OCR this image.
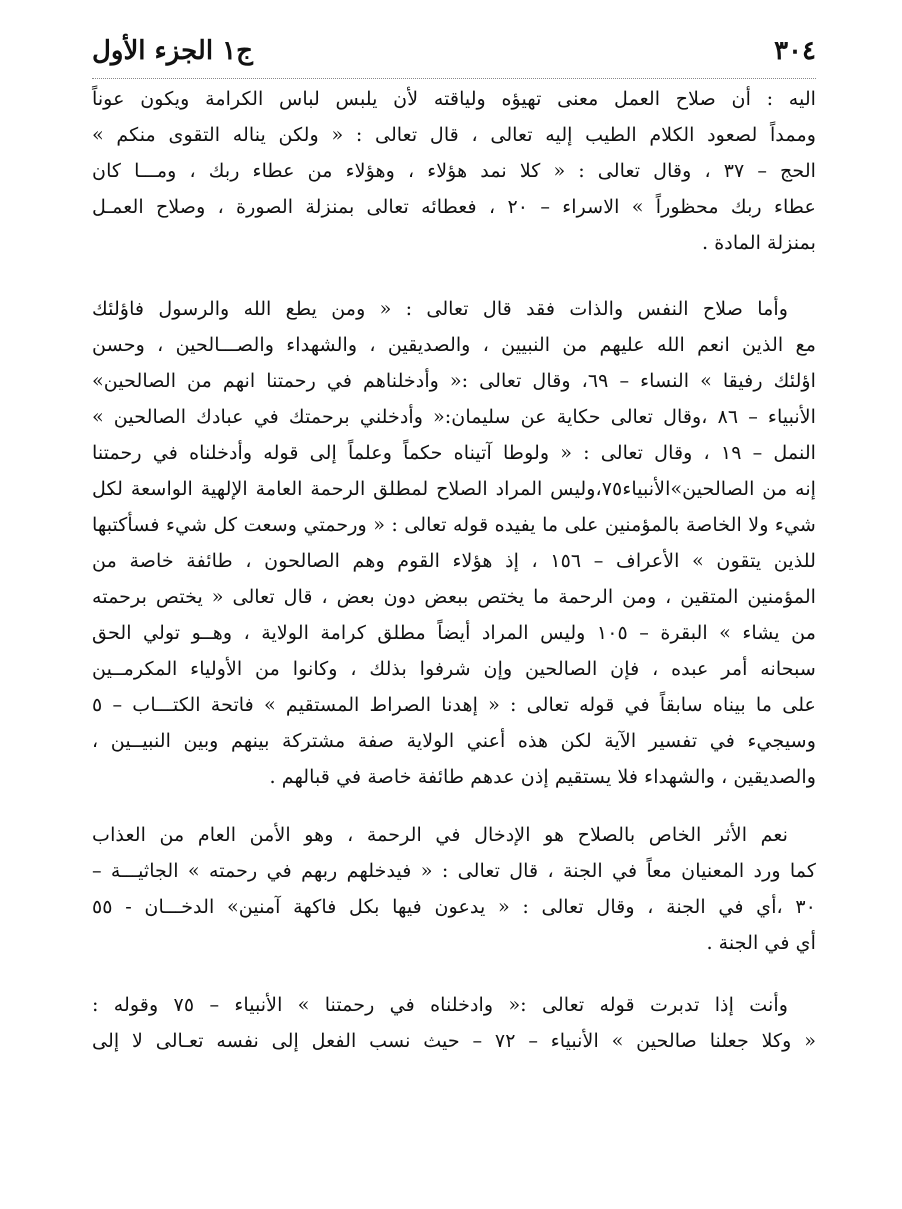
٣٠٤
ج١ الجزء الأول
اليه : أن صلاح العمل معنى تهيؤه ولياقته لأن يلبس لباس الكرامة ويكون عوناً
وممداً لصعود الكلام الطيب إليه تعالى ، قال تعالى : « ولكن يناله التقوى منكم »
الحج – ٣٧ ، وقال تعالى : « كلا نمد هؤلاء ، وهؤلاء من عطاء ربك ، ومـــا كان
عطاء ربك محظوراً » الاسراء – ٢٠ ، فعطائه تعالى بمنزلة الصورة ، وصلاح العمـل
بمنزلة المادة .
وأما صلاح النفس والذات فقد قال تعالى : « ومن يطع الله والرسول فاؤلئك
مع الذين انعم الله عليهم من النبيين ، والصديقين ، والشهداء والصـــالحين ، وحسن
اؤلئك رفيقا » النساء – ٦٩، وقال تعالى :« وأدخلناهم في رحمتنا انهم من الصالحين»
الأنبياء – ٨٦ ،وقال تعالى حكاية عن سليمان:« وأدخلني برحمتك في عبادك الصالحين »
النمل – ١٩ ، وقال تعالى : « ولوطا آتيناه حكماً وعلماً إلى قوله وأدخلناه في رحمتنا
إنه من الصالحين»الأنبياء٧٥،وليس المراد الصلاح لمطلق الرحمة العامة الإلهية الواسعة لكل
شيء ولا الخاصة بالمؤمنين على ما يفيده قوله تعالى : « ورحمتي وسعت كل شيء فسأكتبها
للذين يتقون » الأعراف – ١٥٦ ، إذ هؤلاء القوم وهم الصالحون ، طائفة خاصة من
المؤمنين المتقين ، ومن الرحمة ما يختص ببعض دون بعض ، قال تعالى « يختص برحمته
من يشاء » البقرة – ١٠٥ وليس المراد أيضاً مطلق كرامة الولاية ، وهــو تولي الحق
سبحانه أمر عبده ، فإن الصالحين وإن شرفوا بذلك ، وكانوا من الأولياء المكرمــين
على ما بيناه سابقاً في قوله تعالى : « إهدنا الصراط المستقيم » فاتحة الكتـــاب – ٥
وسيجيء في تفسير الآية لكن هذه أعني الولاية صفة مشتركة بينهم وبين النبيــين ،
والصديقين ، والشهداء فلا يستقيم إذن عدهم طائفة خاصة في قبالهم .
نعم الأثر الخاص بالصلاح هو الإدخال في الرحمة ، وهو الأمن العام من العذاب
كما ورد المعنيان معاً في الجنة ، قال تعالى : « فيدخلهم ربهم في رحمته » الجاثيـــة –
٣٠ ،أي في الجنة ، وقال تعالى : « يدعون فيها بكل فاكهة آمنين» الدخـــان - ٥٥
أي في الجنة .
وأنت إذا تدبرت قوله تعالى :« وادخلناه في رحمتنا » الأنبياء – ٧٥ وقوله :
« وكلا جعلنا صالحين » الأنبياء – ٧٢ – حيث نسب الفعل إلى نفسه تعـالى لا إلى
